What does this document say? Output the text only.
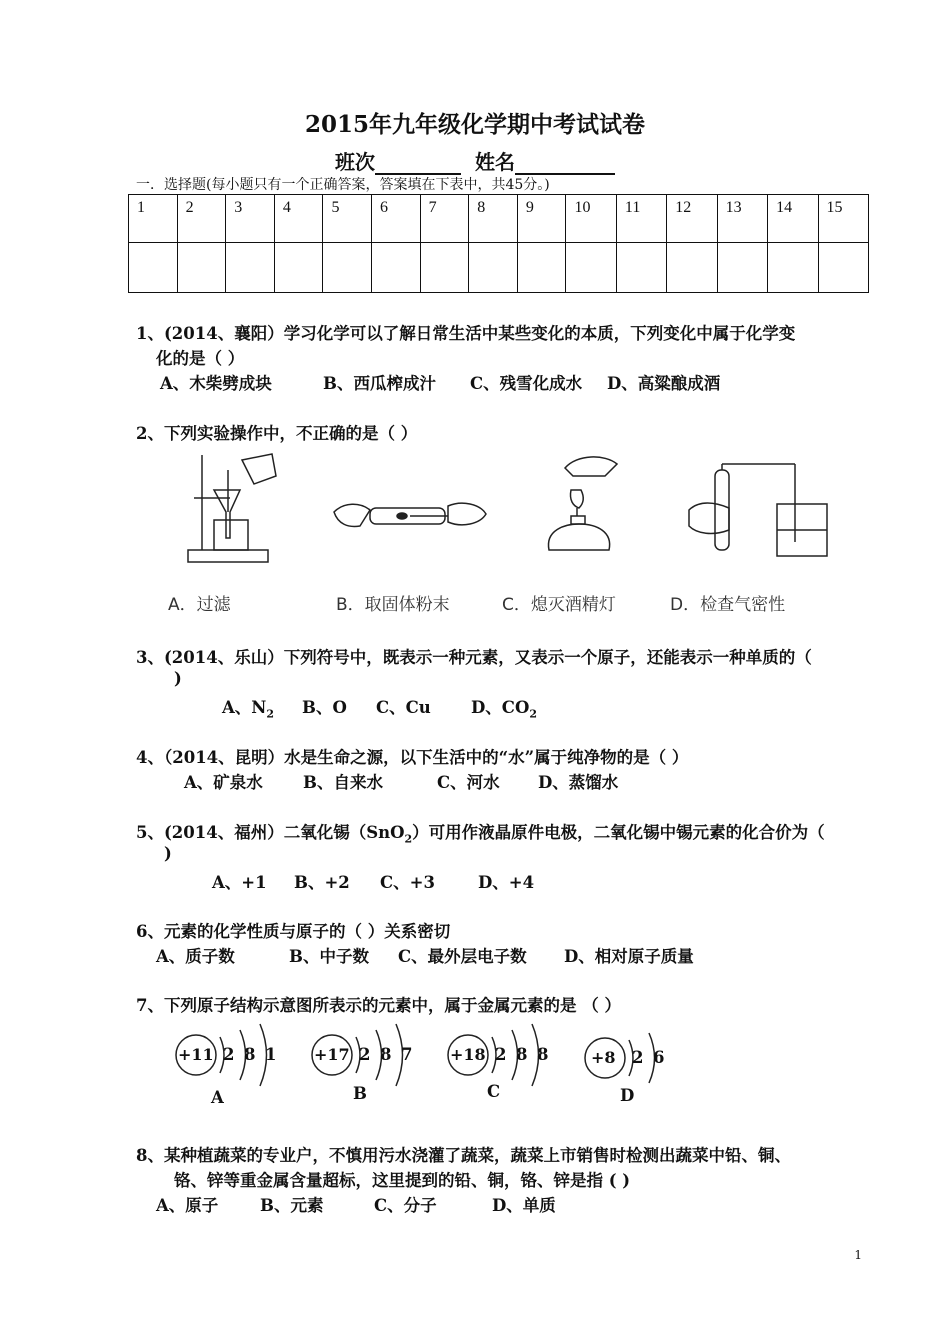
2015年九年级化学期中考试试卷
班次	姓名
一．选择题(每小题只有一个正确答案，答案填在下表中，共45分。)
1	2	3	4	5	6	7	8	9	10	11	12	13	14	15

1、(2014、襄阳）学习化学可以了解日常生活中某些变化的本质，下列变化中属于化学变
化的是（ ）
A、木柴劈成块	B、西瓜榨成汁 C、残雪化成水 D、高粱酿成酒
2、下列实验操作中，不正确的是（ ）
A．过滤	B．取固体粉末	C．熄灭酒精灯	D．检查气密性
3、(2014、乐山）下列符号中，既表示一种元素，又表示一个原子，还能表示一种单质的（
)
A、$N_2$ B、O C、Cu D、$CO_2$
4、（2014、昆明）水是生命之源，以下生活中的“水”属于纯净物的是（ ）
A、矿泉水 B、自来水	C、河水 D、蒸馏水
5、(2014、福州）二氧化锡（SnO$_2$）可用作液晶原件电极，二氧化锡中锡元素的化合价为（
)
A、+1 B、+2 C、+3	D、+4
6、元素的化学性质与原子的（ ）关系密切
A、质子数	B、中子数 C、最外层电子数 D、相对原子质量
7、下列原子结构示意图所表示的元素中，属于金属元素的是 （ ）
+11 2 8 1
A
+17 2 8 7
B
+18 2 8 8
C
+8 2 6
D
8、某种植蔬菜的专业户，不慎用污水浇灌了蔬菜，蔬菜上市销售时检测出蔬菜中铅、铜、
铬、锌等重金属含量超标，这里提到的铅、铜，铬、锌是指 ( )
A、原子	B、元素	C、分子	D、单质
1
